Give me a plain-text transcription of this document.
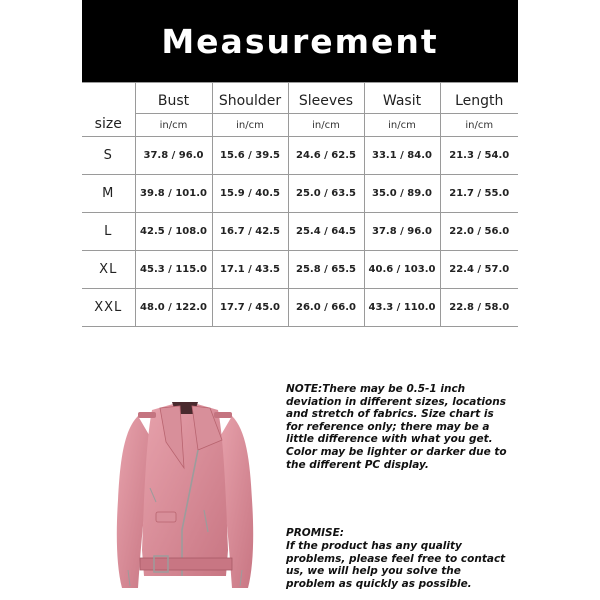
Measurement
size	Bust	Shoulder	Sleeves	Wasit	Length
	in/cm	in/cm	in/cm	in/cm	in/cm
S	37.8 / 96.0	15.6 / 39.5	24.6 / 62.5	33.1 / 84.0	21.3 / 54.0
M	39.8 / 101.0	15.9 / 40.5	25.0 / 63.5	35.0 / 89.0	21.7 / 55.0
L	42.5 / 108.0	16.7 / 42.5	25.4 / 64.5	37.8 / 96.0	22.0 / 56.0
XL	45.3 / 115.0	17.1 / 43.5	25.8 / 65.5	40.6 / 103.0	22.4 / 57.0
XXL	48.0 / 122.0	17.7 / 45.0	26.0 / 66.0	43.3 / 110.0	22.8 / 58.0

NOTE:There may be 0.5-1 inch deviation in different sizes, locations and stretch of fabrics. Size chart is for reference only; there may be a little difference with what you get. Color may be lighter or darker due to the different PC display.

PROMISE:

If the product has any quality problems, please feel free to contact us, we will help you solve the problem as quickly as possible.
